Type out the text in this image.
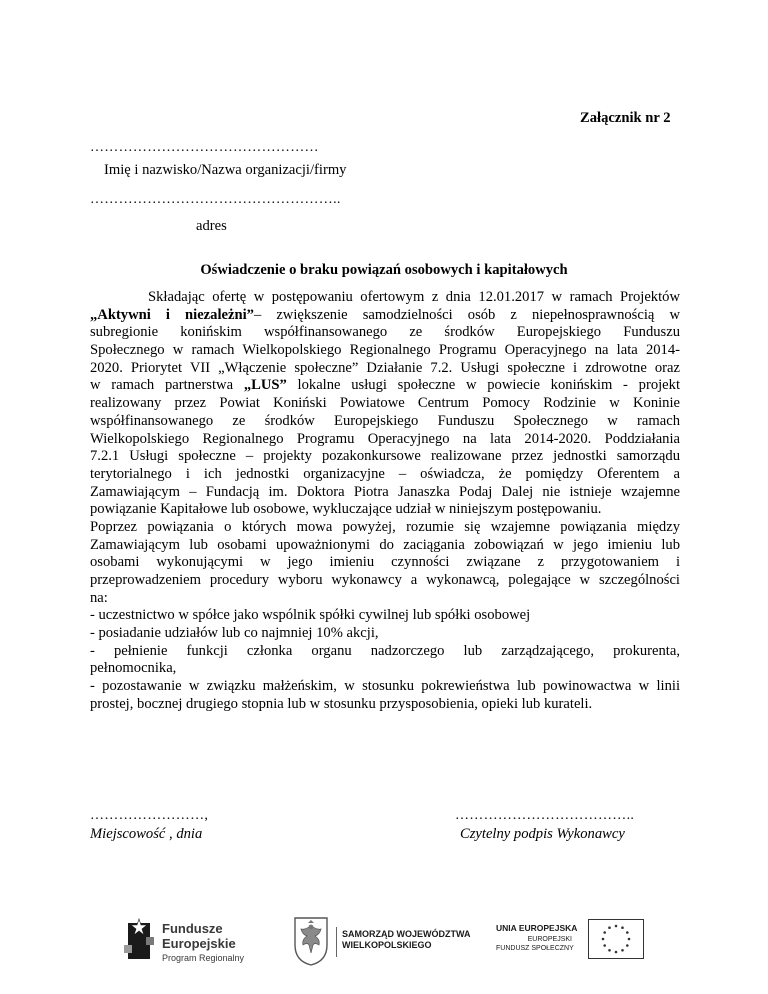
Załącznik nr 2
…………………………………………
Imię i nazwisko/Nazwa organizacji/firmy
……………………………………………..
adres
Oświadczenie o braku powiązań osobowych i kapitałowych
Składając ofertę w postępowaniu ofertowym z dnia 12.01.2017 w ramach Projektów
„Aktywni i niezależni”– zwiększenie samodzielności osób z niepełnosprawnością w
subregionie konińskim współfinansowanego ze środków Europejskiego Funduszu
Społecznego w ramach Wielkopolskiego Regionalnego Programu Operacyjnego na lata 2014-
2020. Priorytet VII „Włączenie społeczne” Działanie 7.2. Usługi społeczne i zdrowotne oraz
w ramach partnerstwa „LUS” lokalne usługi społeczne w powiecie konińskim - projekt
realizowany przez Powiat Koniński Powiatowe Centrum Pomocy Rodzinie w Koninie
współfinansowanego ze środków Europejskiego Funduszu Społecznego w ramach
Wielkopolskiego Regionalnego Programu Operacyjnego na lata 2014-2020. Poddziałania
7.2.1 Usługi społeczne – projekty pozakonkursowe realizowane przez jednostki samorządu
terytorialnego i ich jednostki organizacyjne – oświadcza, że pomiędzy Oferentem a
Zamawiającym – Fundacją im. Doktora Piotra Janaszka Podaj Dalej nie istnieje wzajemne
powiązanie Kapitałowe lub osobowe, wykluczające udział w niniejszym postępowaniu.
Poprzez powiązania o których mowa powyżej, rozumie się wzajemne powiązania między
Zamawiającym lub osobami upoważnionymi do zaciągania zobowiązań w jego imieniu lub
osobami wykonującymi w jego imieniu czynności związane z przygotowaniem i
przeprowadzeniem procedury wyboru wykonawcy a wykonawcą, polegające w szczególności
na:
- uczestnictwo w spółce jako wspólnik spółki cywilnej lub spółki osobowej
- posiadanie udziałów lub co najmniej 10% akcji,
- pełnienie funkcji członka organu nadzorczego lub zarządzającego, prokurenta,
pełnomocnika,
- pozostawanie w związku małżeńskim, w stosunku pokrewieństwa lub powinowactwa w linii
prostej, bocznej drugiego stopnia lub w stosunku przysposobienia, opieki lub kurateli.
……………………,	………………………………..
Miejscowość , dnia	Czytelny podpis Wykonawcy
Fundusze
Europejskie
Program Regionalny
SAMORZĄD WOJEWÓDZTWA
WIELKOPOLSKIEGO
UNIA EUROPEJSKA
EUROPEJSKI
FUNDUSZ SPOŁECZNY
